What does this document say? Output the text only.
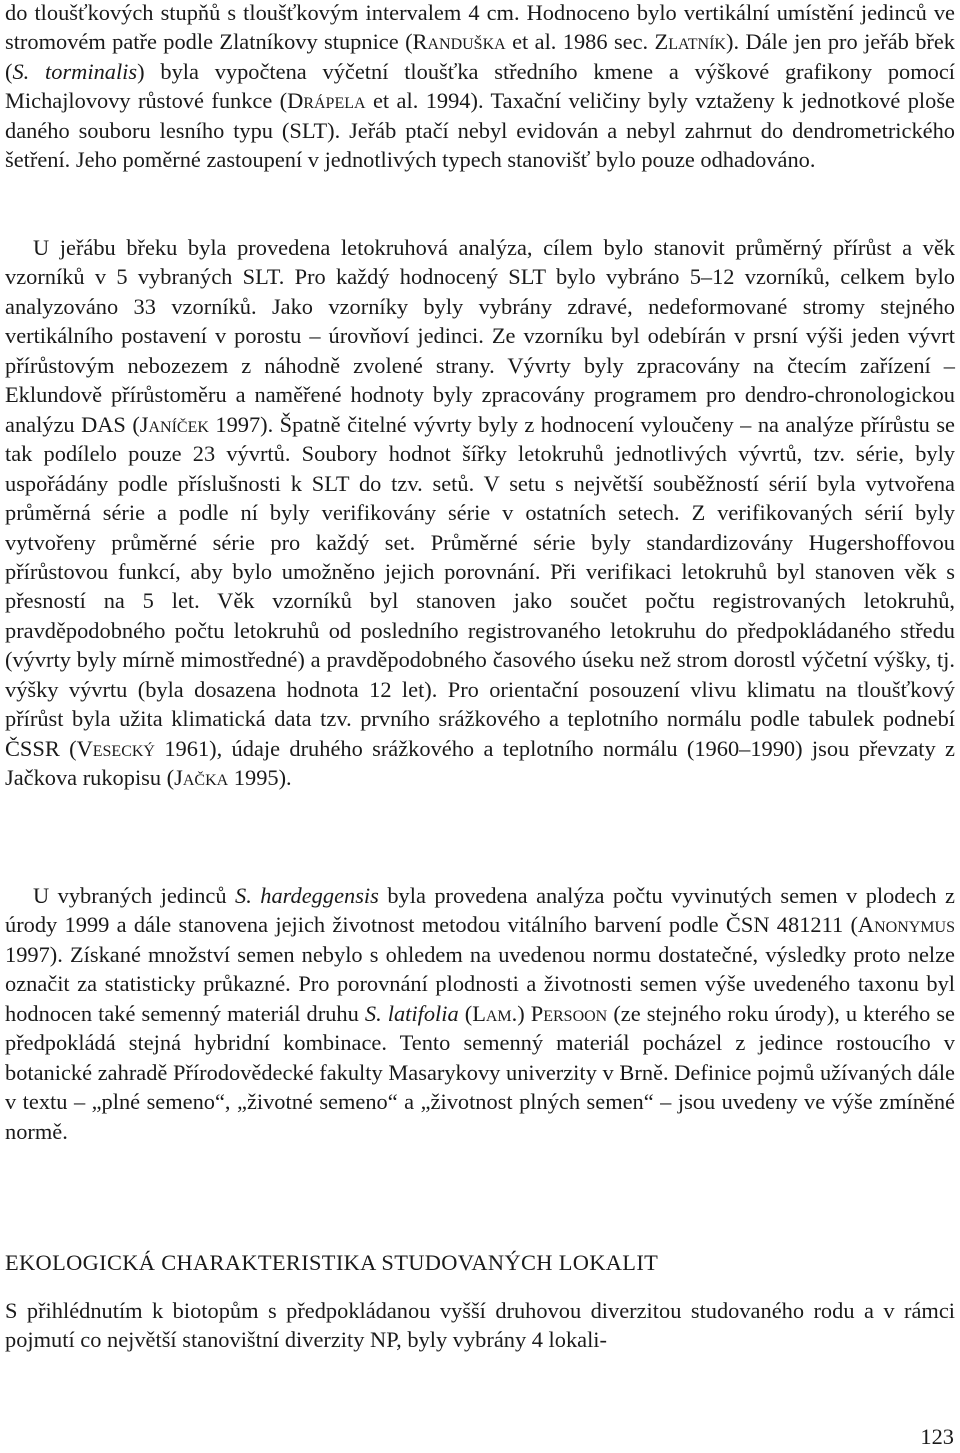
do tloušťkových stupňů s tloušťkovým intervalem 4 cm. Hodnoceno bylo vertikální umístění jedinců ve stromovém patře podle Zlatníkovy stupnice (Randuška et al. 1986 sec. Zlatník). Dále jen pro jeřáb břek (S. torminalis) byla vypočtena výčetní tloušťka středního kmene a výškové grafikony pomocí Michajlovovy růstové funkce (Drápela et al. 1994). Taxační veličiny byly vztaženy k jednotkové ploše daného souboru lesního typu (SLT). Jeřáb ptačí nebyl evidován a nebyl zahrnut do dendrometrického šetření. Jeho poměrné zastoupení v jednotlivých typech stanovišť bylo pouze odhadováno.

U jeřábu břeku byla provedena letokruhová analýza, cílem bylo stanovit průměrný přírůst a věk vzorníků v 5 vybraných SLT. Pro každý hodnocený SLT bylo vybráno 5–12 vzorníků, celkem bylo analyzováno 33 vzorníků. Jako vzorníky byly vybrány zdravé, nedeformované stromy stejného vertikálního postavení v porostu – úrovňoví jedinci. Ze vzorníku byl odebírán v prsní výši jeden vývrt přírůstovým nebozezem z náhodně zvolené strany. Vývrty byly zpracovány na čtecím zařízení – Eklundově přírůstoměru a naměřené hodnoty byly zpracovány programem pro dendro-chronologickou analýzu DAS (Janíček 1997). Špatně čitelné vývrty byly z hodnocení vyloučeny – na analýze přírůstu se tak podílelo pouze 23 vývrtů. Soubory hodnot šířky letokruhů jednotlivých vývrtů, tzv. série, byly uspořádány podle příslušnosti k SLT do tzv. setů. V setu s největší souběžností sérií byla vytvořena průměrná série a podle ní byly verifikovány série v ostatních setech. Z verifikovaných sérií byly vytvořeny průměrné série pro každý set. Průměrné série byly standardizovány Hugershoffovou přírůstovou funkcí, aby bylo umožněno jejich porovnání. Při verifikaci letokruhů byl stanoven věk s přesností na 5 let. Věk vzorníků byl stanoven jako součet počtu registrovaných letokruhů, pravděpodobného počtu letokruhů od posledního registrovaného letokruhu do předpokládaného středu (vývrty byly mírně mimostředné) a pravděpodobného časového úseku než strom dorostl výčetní výšky, tj. výšky vývrtu (byla dosazena hodnota 12 let). Pro orientační posouzení vlivu klimatu na tloušťkový přírůst byla užita klimatická data tzv. prvního srážkového a teplotního normálu podle tabulek podnebí ČSSR (Vesecký 1961), údaje druhého srážkového a teplotního normálu (1960–1990) jsou převzaty z Jačkova rukopisu (Jačka 1995).

U vybraných jedinců S. hardeggensis byla provedena analýza počtu vyvinutých semen v plodech z úrody 1999 a dále stanovena jejich životnost metodou vitálního barvení podle ČSN 481211 (Anonymus 1997). Získané množství semen nebylo s ohledem na uvedenou normu dostatečné, výsledky proto nelze označit za statisticky průkazné. Pro porovnání plodnosti a životnosti semen výše uvedeného taxonu byl hodnocen také semenný materiál druhu S. latifolia (Lam.) Persoon (ze stejného roku úrody), u kterého se předpokládá stejná hybridní kombinace. Tento semenný materiál pocházel z jedince rostoucího v botanické zahradě Přírodovědecké fakulty Masarykovy univerzity v Brně. Definice pojmů užívaných dále v textu – „plné semeno“, „životné semeno“ a „životnost plných semen“ – jsou uvedeny ve výše zmíněné normě.

EKOLOGICKÁ CHARAKTERISTIKA STUDOVANÝCH LOKALIT

S přihlédnutím k biotopům s předpokládanou vyšší druhovou diverzitou studovaného rodu a v rámci pojmutí co největší stanovištní diverzity NP, byly vybrány 4 lokali-

123
